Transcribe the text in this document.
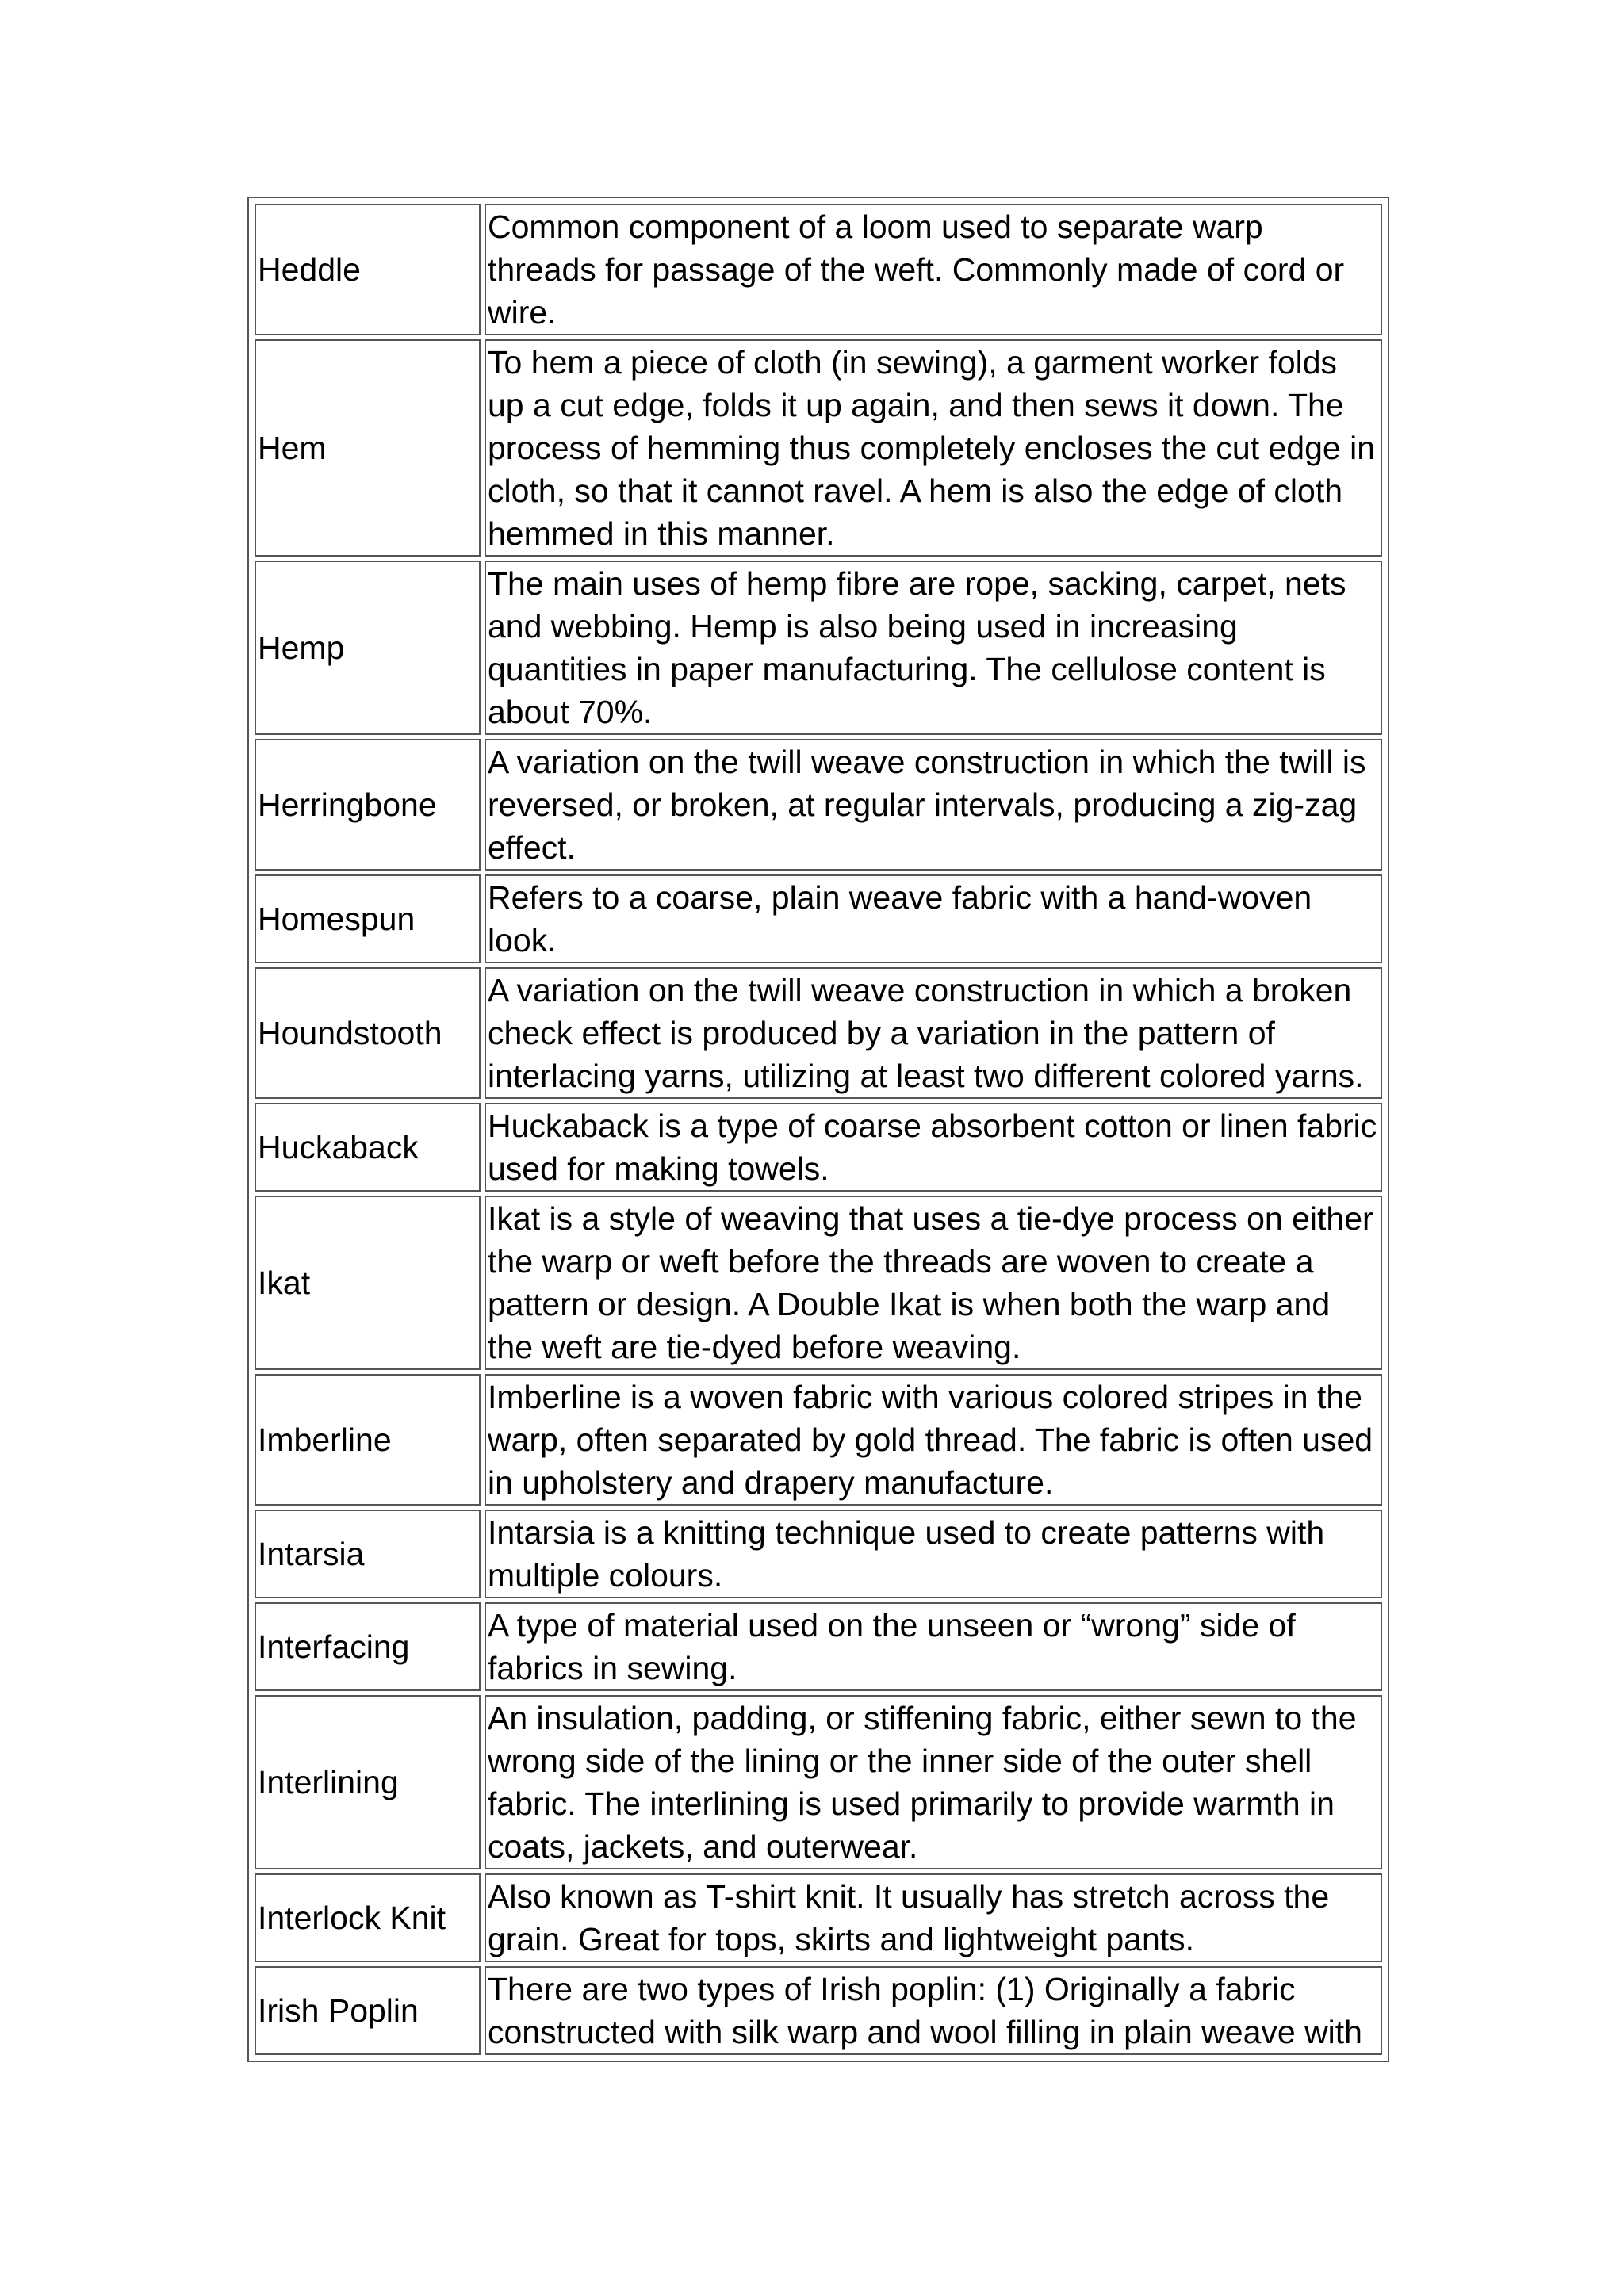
Heddle	Common component of a loom used to separate warp threads for passage of the weft. Commonly made of cord or wire.
Hem	To hem a piece of cloth (in sewing), a garment worker folds up a cut edge, folds it up again, and then sews it down. The process of hemming thus completely encloses the cut edge in cloth, so that it cannot ravel. A hem is also the edge of cloth hemmed in this manner.
Hemp	The main uses of hemp fibre are rope, sacking, carpet, nets and webbing. Hemp is also being used in increasing quantities in paper manufacturing. The cellulose content is about 70%.
Herringbone	A variation on the twill weave construction in which the twill is reversed, or broken, at regular intervals, producing a zig-zag effect.
Homespun	Refers to a coarse, plain weave fabric with a hand-woven look.
Houndstooth	A variation on the twill weave construction in which a broken check effect is produced by a variation in the pattern of interlacing yarns, utilizing at least two different colored yarns.
Huckaback	Huckaback is a type of coarse absorbent cotton or linen fabric used for making towels.
Ikat	Ikat is a style of weaving that uses a tie-dye process on either the warp or weft before the threads are woven to create a pattern or design. A Double Ikat is when both the warp and the weft are tie-dyed before weaving.
Imberline	Imberline is a woven fabric with various colored stripes in the warp, often separated by gold thread. The fabric is often used in upholstery and drapery manufacture.
Intarsia	Intarsia is a knitting technique used to create patterns with multiple colours.
Interfacing	A type of material used on the unseen or “wrong” side of fabrics in sewing.
Interlining	An insulation, padding, or stiffening fabric, either sewn to the wrong side of the lining or the inner side of the outer shell fabric. The interlining is used primarily to provide warmth in coats, jackets, and outerwear.
Interlock Knit	Also known as T-shirt knit. It usually has stretch across the grain. Great for tops, skirts and lightweight pants.
Irish Poplin	There are two types of Irish poplin: (1) Originally a fabric constructed with silk warp and wool filling in plain weave with
